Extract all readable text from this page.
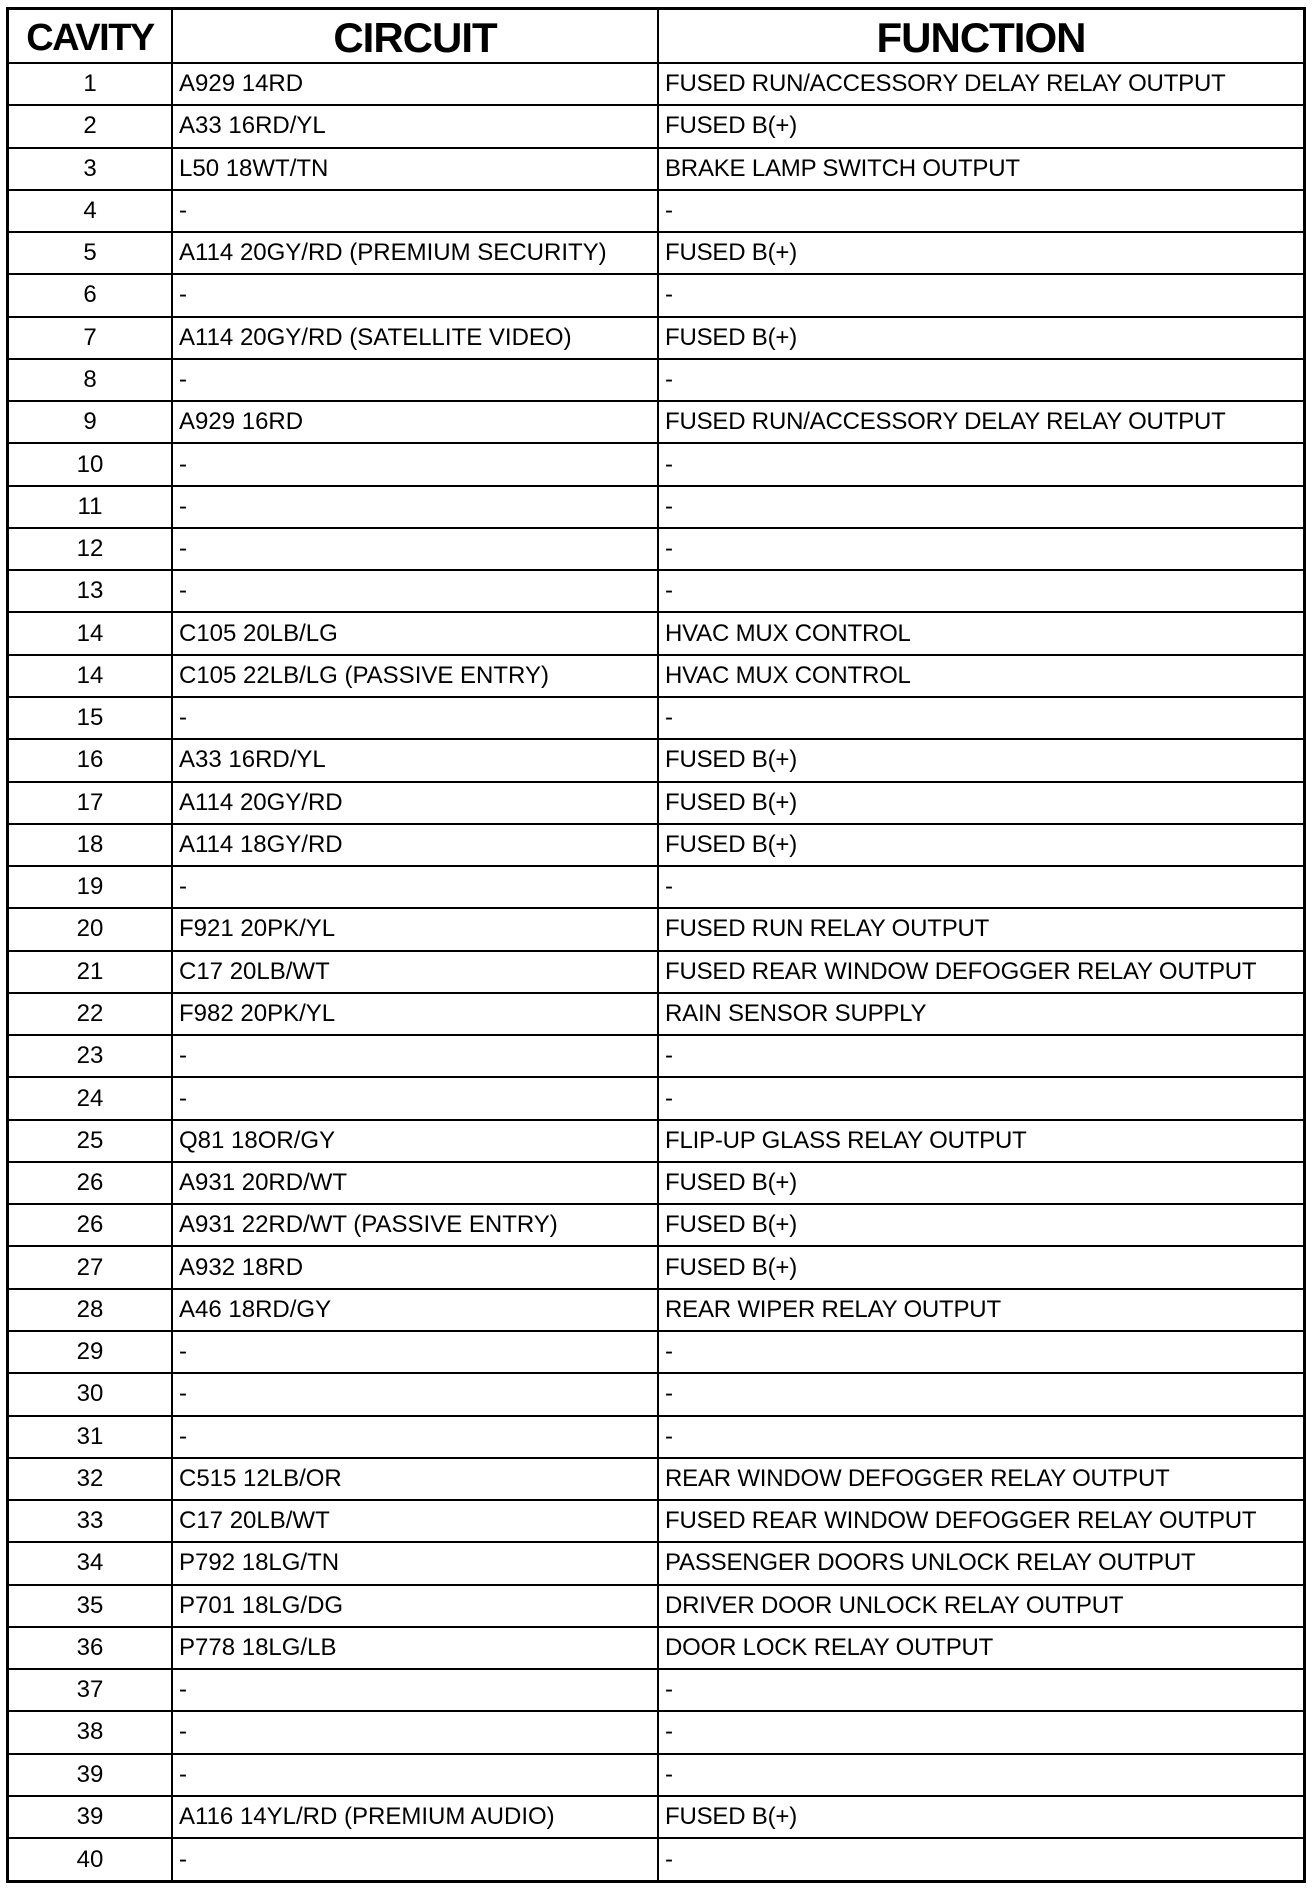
CAVITY	CIRCUIT	FUNCTION
1	A929 14RD	FUSED RUN/ACCESSORY DELAY RELAY OUTPUT
2	A33 16RD/YL	FUSED B(+)
3	L50 18WT/TN	BRAKE LAMP SWITCH OUTPUT
4	-	-
5	A114 20GY/RD (PREMIUM SECURITY)	FUSED B(+)
6	-	-
7	A114 20GY/RD (SATELLITE VIDEO)	FUSED B(+)
8	-	-
9	A929 16RD	FUSED RUN/ACCESSORY DELAY RELAY OUTPUT
10	-	-
11	-	-
12	-	-
13	-	-
14	C105 20LB/LG	HVAC MUX CONTROL
14	C105 22LB/LG (PASSIVE ENTRY)	HVAC MUX CONTROL
15	-	-
16	A33 16RD/YL	FUSED B(+)
17	A114 20GY/RD	FUSED B(+)
18	A114 18GY/RD	FUSED B(+)
19	-	-
20	F921 20PK/YL	FUSED RUN RELAY OUTPUT
21	C17 20LB/WT	FUSED REAR WINDOW DEFOGGER RELAY OUTPUT
22	F982 20PK/YL	RAIN SENSOR SUPPLY
23	-	-
24	-	-
25	Q81 18OR/GY	FLIP-UP GLASS RELAY OUTPUT
26	A931 20RD/WT	FUSED B(+)
26	A931 22RD/WT (PASSIVE ENTRY)	FUSED B(+)
27	A932 18RD	FUSED B(+)
28	A46 18RD/GY	REAR WIPER RELAY OUTPUT
29	-	-
30	-	-
31	-	-
32	C515 12LB/OR	REAR WINDOW DEFOGGER RELAY OUTPUT
33	C17 20LB/WT	FUSED REAR WINDOW DEFOGGER RELAY OUTPUT
34	P792 18LG/TN	PASSENGER DOORS UNLOCK RELAY OUTPUT
35	P701 18LG/DG	DRIVER DOOR UNLOCK RELAY OUTPUT
36	P778 18LG/LB	DOOR LOCK RELAY OUTPUT
37	-	-
38	-	-
39	-	-
39	A116 14YL/RD (PREMIUM AUDIO)	FUSED B(+)
40	-	-
